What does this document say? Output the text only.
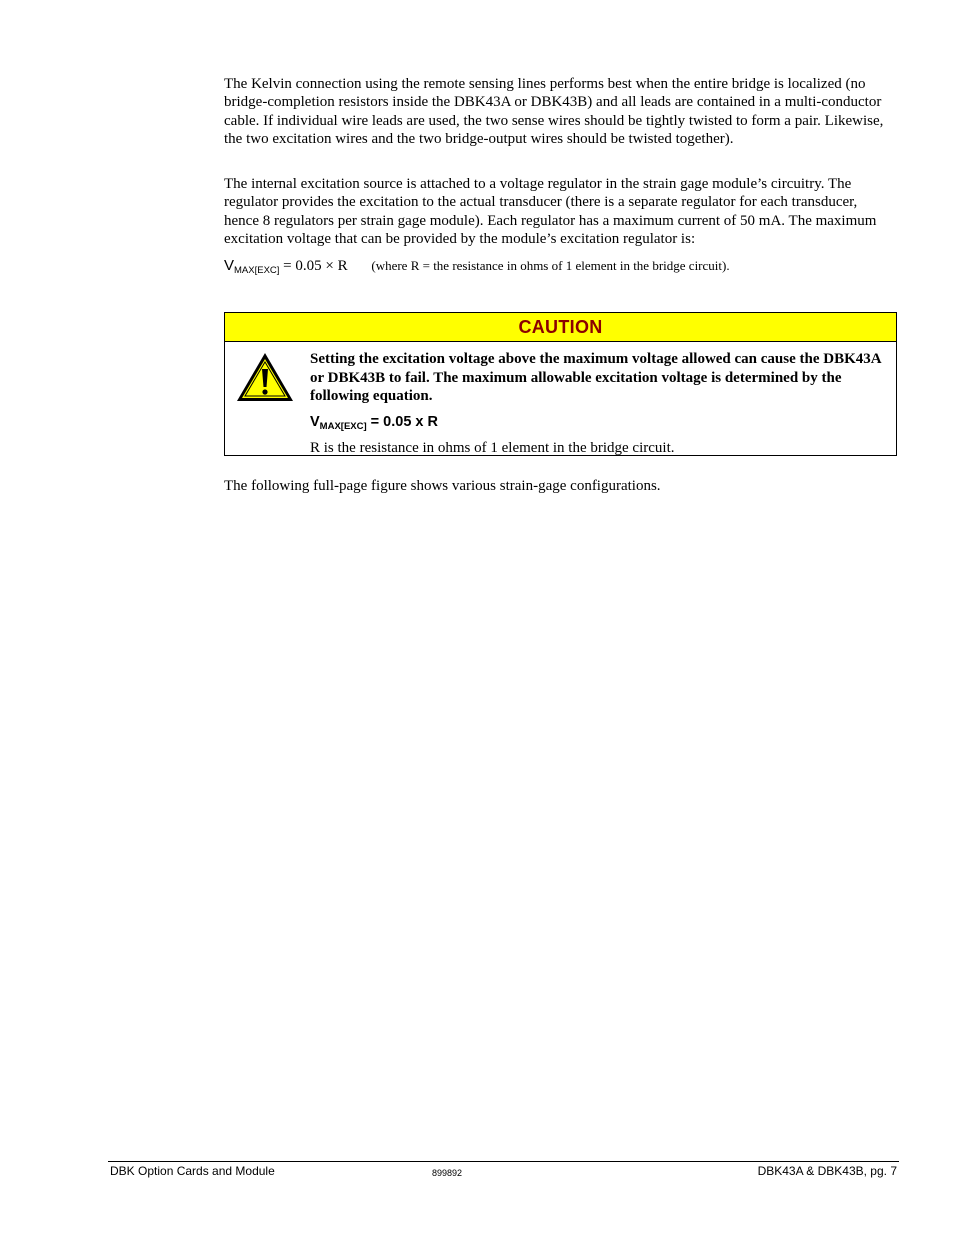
The Kelvin connection using the remote sensing lines performs best when the entire bridge is localized (no bridge-completion resistors inside the DBK43A or DBK43B) and all leads are contained in a multi-conductor cable. If individual wire leads are used, the two sense wires should be tightly twisted to form a pair. Likewise, the two excitation wires and the two bridge-output wires should be twisted together).

The internal excitation source is attached to a voltage regulator in the strain gage module’s circuitry. The regulator provides the excitation to the actual transducer (there is a separate regulator for each transducer, hence 8 regulators per strain gage module). Each regulator has a maximum current of 50 mA. The maximum excitation voltage that can be provided by the module’s excitation regulator is:

$V_{MAX[EXC]} = 0.05 \times R$ (where R = the resistance in ohms of 1 element in the bridge circuit).
CAUTION

Setting the excitation voltage above the maximum voltage allowed can cause the DBK43A or DBK43B to fail. The maximum allowable excitation voltage is determined by the following equation.

$V_{MAX[EXC]} = 0.05$ x R

R is the resistance in ohms of 1 element in the bridge circuit.

The following full-page figure shows various strain-gage configurations.

DBK Option Cards and Module	899892	DBK43A & DBK43B, pg. 7
